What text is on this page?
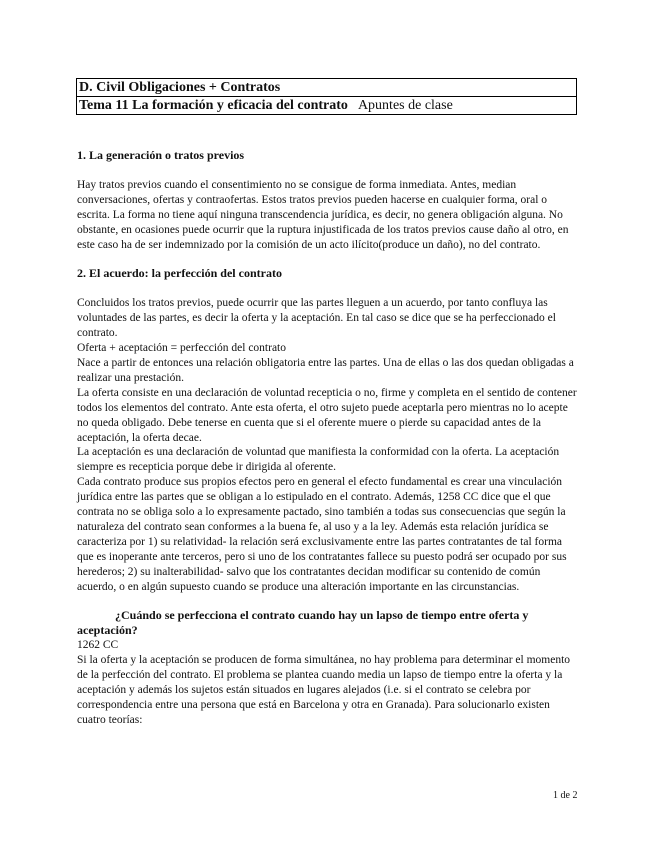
D. Civil Obligaciones + Contratos
Tema 11 La formación y eficacia del contrato Apuntes de clase

1. La generación o tratos previos

Hay tratos previos cuando el consentimiento no se consigue de forma inmediata. Antes, median conversaciones, ofertas y contraofertas. Estos tratos previos pueden hacerse en cualquier forma, oral o escrita. La forma no tiene aquí ninguna transcendencia jurídica, es decir, no genera obligación alguna. No obstante, en ocasiones puede ocurrir que la ruptura injustificada de los tratos previos cause daño al otro, en este caso ha de ser indemnizado por la comisión de un acto ilícito(produce un daño), no del contrato.

2. El acuerdo: la perfección del contrato

Concluidos los tratos previos, puede ocurrir que las partes lleguen a un acuerdo, por tanto confluya las voluntades de las partes, es decir la oferta y la aceptación. En tal caso se dice que se ha perfeccionado el contrato.

Oferta + aceptación = perfección del contrato

Nace a partir de entonces una relación obligatoria entre las partes. Una de ellas o las dos quedan obligadas a realizar una prestación.

La oferta consiste en una declaración de voluntad recepticia o no, firme y completa en el sentido de contener todos los elementos del contrato. Ante esta oferta, el otro sujeto puede aceptarla pero mientras no lo acepte no queda obligado. Debe tenerse en cuenta que si el oferente muere o pierde su capacidad antes de la aceptación, la oferta decae.

La aceptación es una declaración de voluntad que manifiesta la conformidad con la oferta. La aceptación siempre es recepticia porque debe ir dirigida al oferente.

Cada contrato produce sus propios efectos pero en general el efecto fundamental es crear una vinculación jurídica entre las partes que se obligan a lo estipulado en el contrato. Además, 1258 CC dice que el que contrata no se obliga solo a lo expresamente pactado, sino también a todas sus consecuencias que según la naturaleza del contrato sean conformes a la buena fe, al uso y a la ley. Además esta relación jurídica se caracteriza por 1) su relatividad- la relación será exclusivamente entre las partes contratantes de tal forma que es inoperante ante terceros, pero si uno de los contratantes fallece su puesto podrá ser ocupado por sus herederos; 2) su inalterabilidad- salvo que los contratantes decidan modificar su contenido de común acuerdo, o en algún supuesto cuando se produce una alteración importante en las circunstancias.

¿Cuándo se perfecciona el contrato cuando hay un lapso de tiempo entre oferta y aceptación?

1262 CC

Si la oferta y la aceptación se producen de forma simultánea, no hay problema para determinar el momento de la perfección del contrato. El problema se plantea cuando media un lapso de tiempo entre la oferta y la aceptación y además los sujetos están situados en lugares alejados (i.e. si el contrato se celebra por correspondencia entre una persona que está en Barcelona y otra en Granada). Para solucionarlo existen cuatro teorías:

1 de 2
